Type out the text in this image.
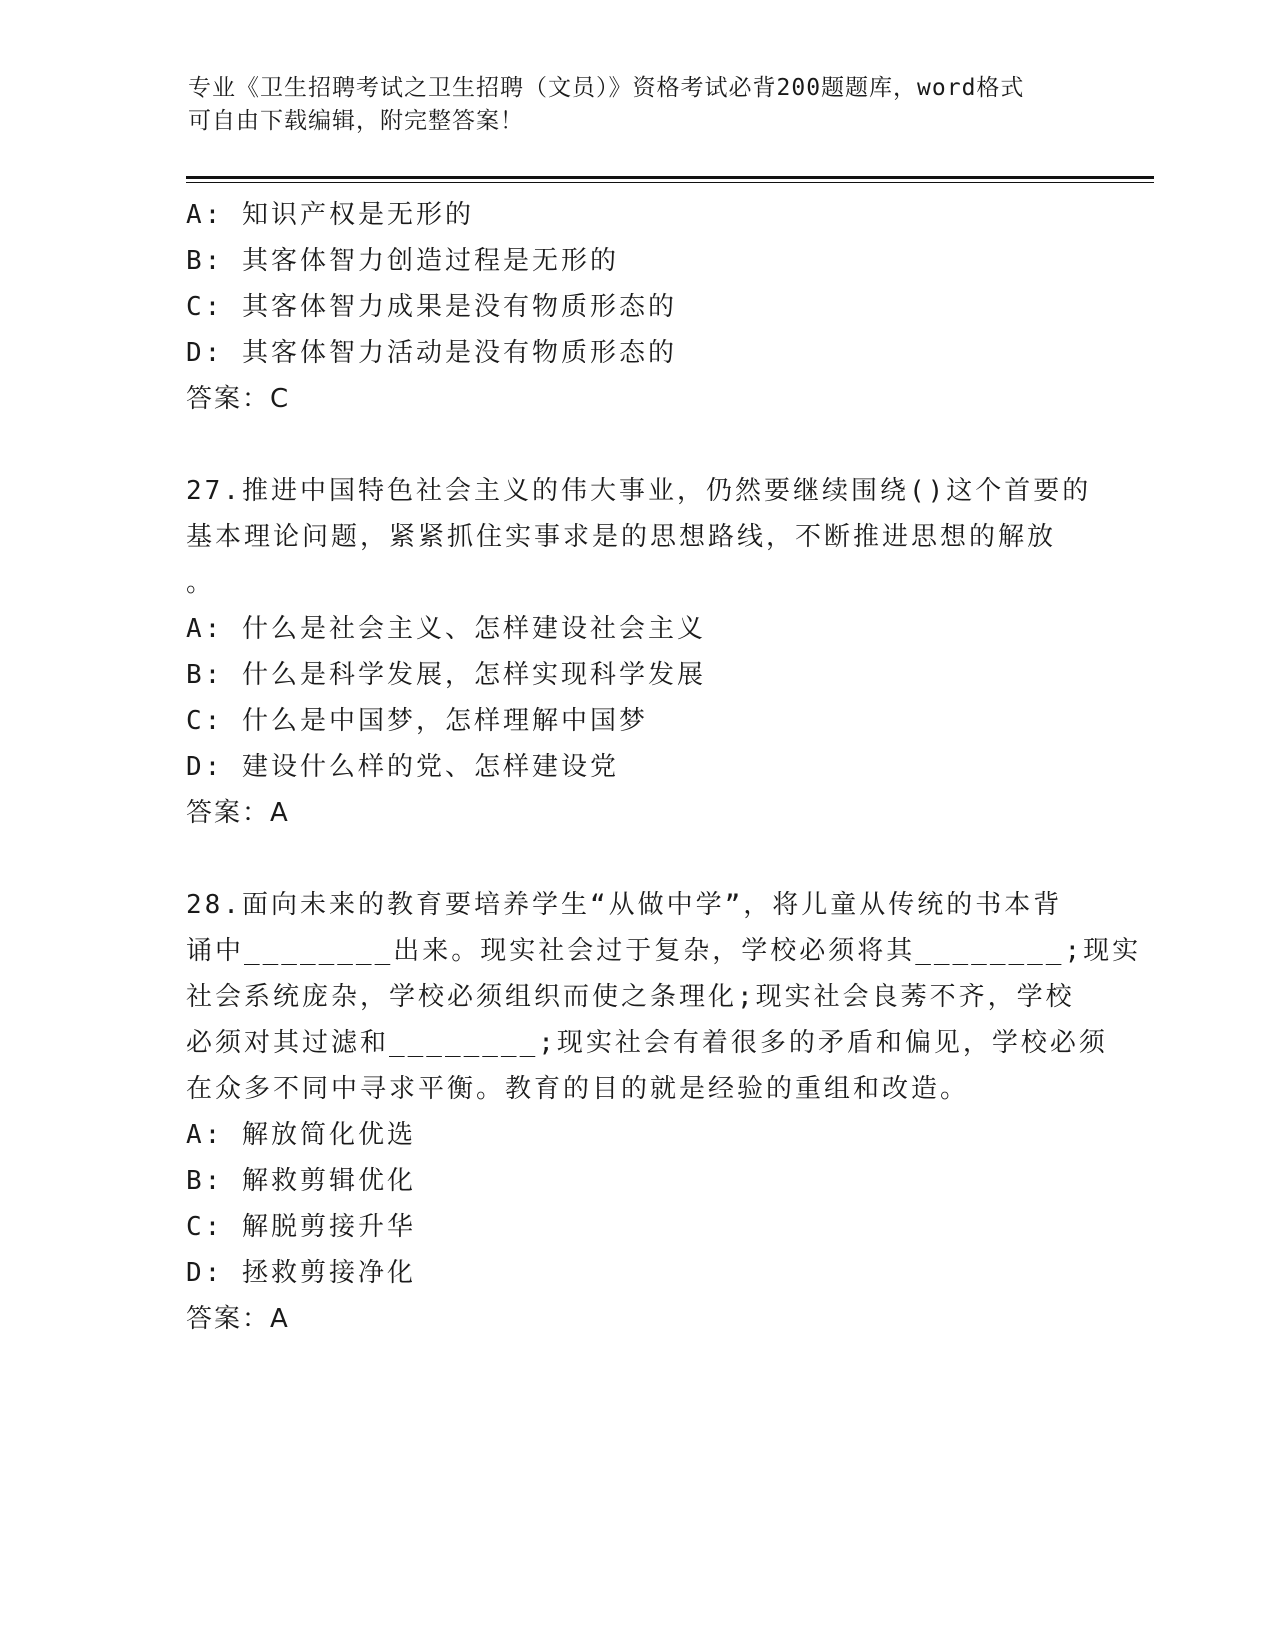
专业《卫生招聘考试之卫生招聘（文员）》资格考试必背200题题库，word格式
可自由下载编辑，附完整答案！
A: 知识产权是无形的
B: 其客体智力创造过程是无形的
C: 其客体智力成果是没有物质形态的
D: 其客体智力活动是没有物质形态的
答案：C
27.推进中国特色社会主义的伟大事业，仍然要继续围绕()这个首要的
基本理论问题，紧紧抓住实事求是的思想路线，不断推进思想的解放
。
A: 什么是社会主义、怎样建设社会主义
B: 什么是科学发展，怎样实现科学发展
C: 什么是中国梦，怎样理解中国梦
D: 建设什么样的党、怎样建设党
答案：A
28.面向未来的教育要培养学生“从做中学”，将儿童从传统的书本背
诵中________出来。现实社会过于复杂，学校必须将其________;现实
社会系统庞杂，学校必须组织而使之条理化;现实社会良莠不齐，学校
必须对其过滤和________;现实社会有着很多的矛盾和偏见，学校必须
在众多不同中寻求平衡。教育的目的就是经验的重组和改造。
A: 解放简化优选
B: 解救剪辑优化
C: 解脱剪接升华
D: 拯救剪接净化
答案：A
